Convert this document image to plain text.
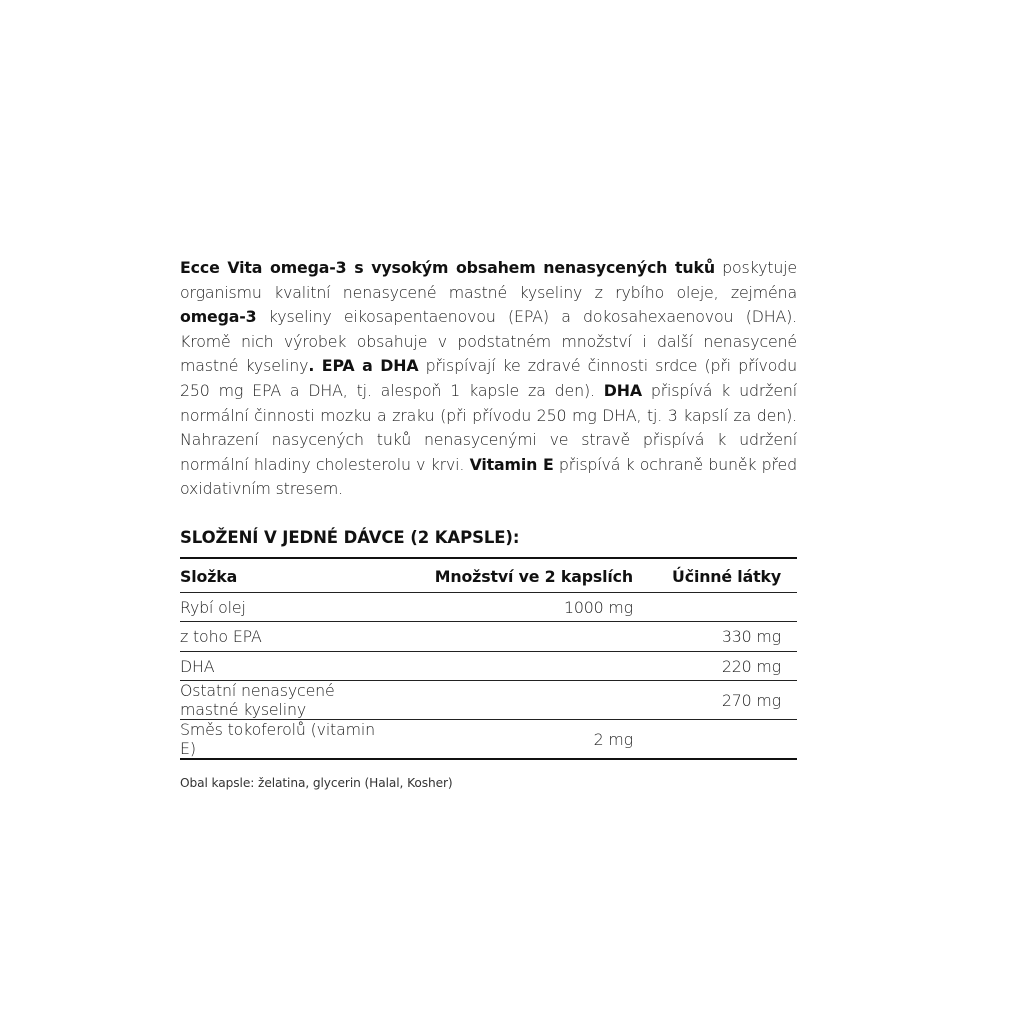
Ecce Vita omega-3 s vysokým obsahem nenasycených tuků poskytuje organismu kvalitní nenasycené mastné kyseliny z rybího oleje, zejména omega-3 kyseliny eikosapentaenovou (EPA) a dokosahexaenovou (DHA). Kromě nich výrobek obsahuje v podstatném množství i další nenasycené mastné kyseliny. EPA a DHA přispívají ke zdravé činnosti srdce (při přívodu 250 mg EPA a DHA, tj. alespoň 1 kapsle za den). DHA přispívá k udržení normální činnosti mozku a zraku (při přívodu 250 mg DHA, tj. 3 kapslí za den). Nahrazení nasycených tuků nenasycenými ve stravě přispívá k udržení normální hladiny cholesterolu v krvi. Vitamin E přispívá k ochraně buněk před oxidativním stresem.

SLOŽENÍ V JEDNÉ DÁVCE (2 KAPSLE):
Složka	Množství ve 2 kapslích	Účinné látky
Rybí olej	1000 mg	
z toho EPA		330 mg
DHA		220 mg
Ostatní nenasycené mastné kyseliny		270 mg
Směs tokoferolů (vitamin E)	2 mg	
Obal kapsle: želatina, glycerin (Halal, Kosher)
